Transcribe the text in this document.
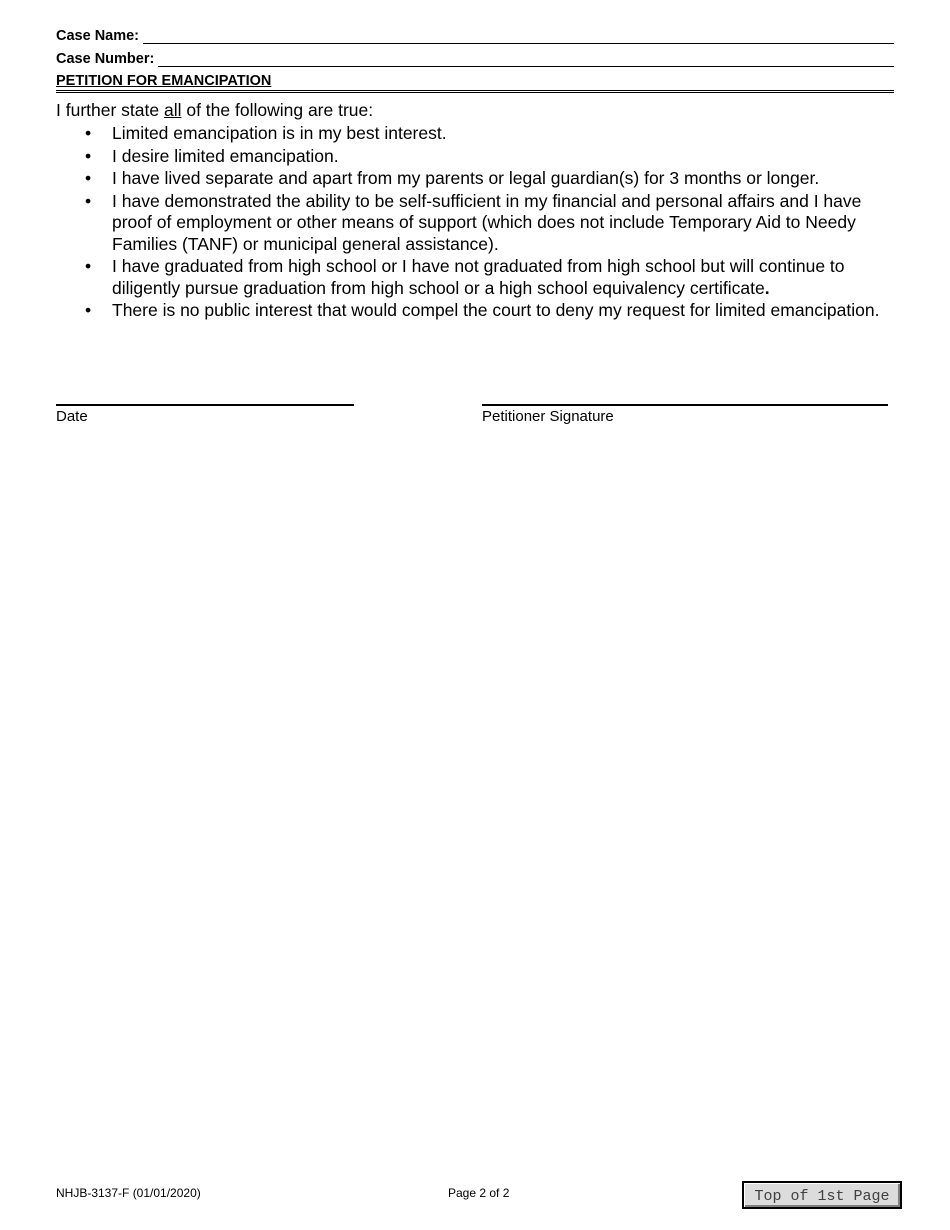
Case Name:
Case Number:
PETITION FOR EMANCIPATION
I further state all of the following are true:
• Limited emancipation is in my best interest.
• I desire limited emancipation.
• I have lived separate and apart from my parents or legal guardian(s) for 3 months or longer.
• I have demonstrated the ability to be self-sufficient in my financial and personal affairs and I have proof of employment or other means of support (which does not include Temporary Aid to Needy Families (TANF) or municipal general assistance).
• I have graduated from high school or I have not graduated from high school but will continue to diligently pursue graduation from high school or a high school equivalency certificate.
• There is no public interest that would compel the court to deny my request for limited emancipation.
Date	Petitioner Signature
NHJB-3137-F (01/01/2020)	Page 2 of 2	Top of 1st Page
